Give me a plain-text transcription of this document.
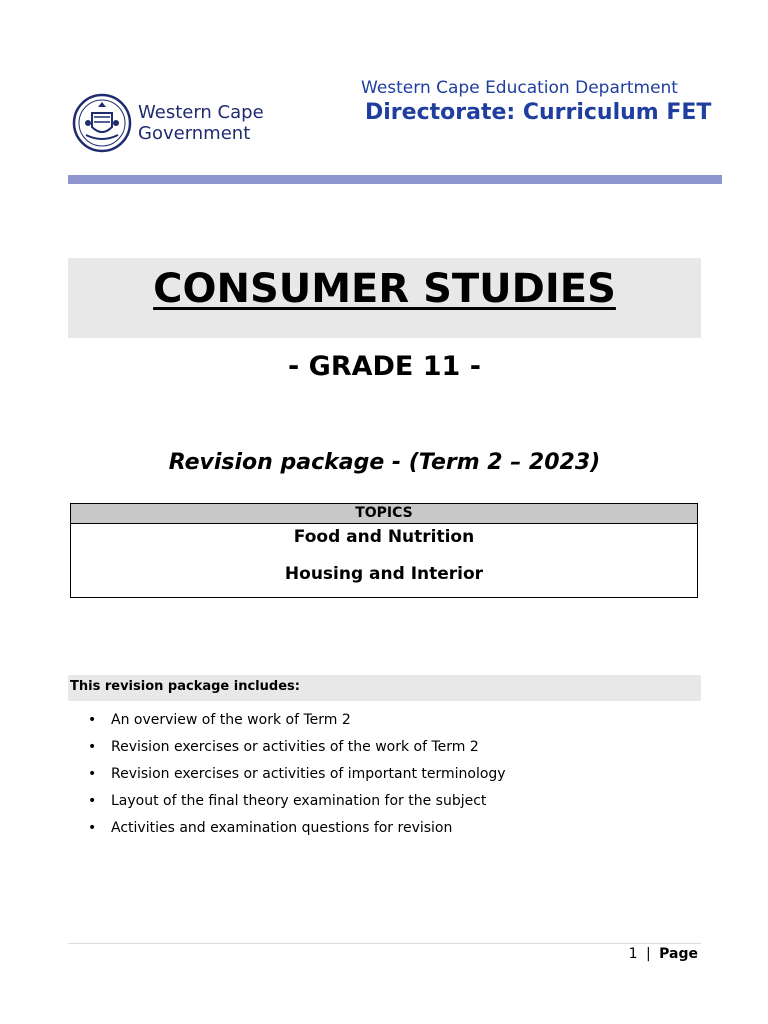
Western Cape
Government
Western Cape Education Department
Directorate: Curriculum FET
CONSUMER STUDIES
- GRADE 11 -
Revision package - (Term 2 – 2023)
TOPICS
Food and Nutrition
Housing and Interior
This revision package includes:
• An overview of the work of Term 2
• Revision exercises or activities of the work of Term 2
• Revision exercises or activities of important terminology
• Layout of the final theory examination for the subject
• Activities and examination questions for revision
1 | Page
